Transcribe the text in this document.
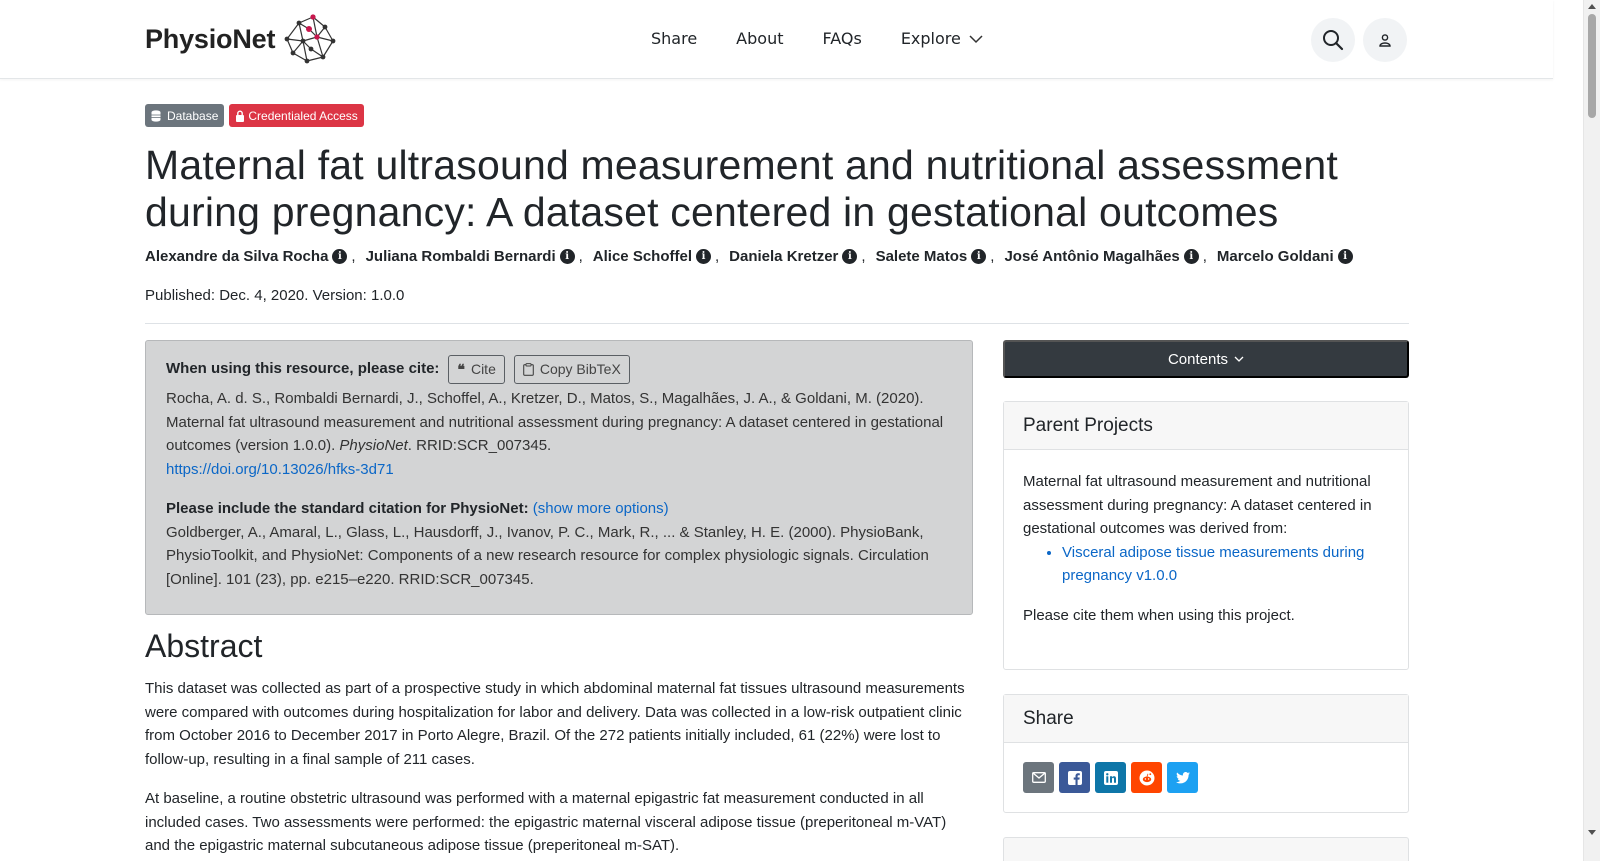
PhysioNet	Share About FAQs Explore
Database	Credentialed Access
Maternal fat ultrasound measurement and nutritional assessment during pregnancy: A dataset centered in gestational outcomes
Alexandre da Silva Rocha i , Juliana Rombaldi Bernardi i , Alice Schoffel i , Daniela Kretzer i , Salete Matos i , José Antônio Magalhães i , Marcelo Goldani i
Published: Dec. 4, 2020. Version: 1.0.0
When using this resource, please cite: ❝ Cite	Copy BibTeX
Rocha, A. d. S., Rombaldi Bernardi, J., Schoffel, A., Kretzer, D., Matos, S., Magalhães, J. A., & Goldani, M. (2020). Maternal fat ultrasound measurement and nutritional assessment during pregnancy: A dataset centered in gestational outcomes (version 1.0.0). PhysioNet. RRID:SCR_007345.
https://doi.org/10.13026/hfks-3d71
Please include the standard citation for PhysioNet: (show more options)
Goldberger, A., Amaral, L., Glass, L., Hausdorff, J., Ivanov, P. C., Mark, R., ... & Stanley, H. E. (2000). PhysioBank, PhysioToolkit, and PhysioNet: Components of a new research resource for complex physiologic signals. Circulation [Online]. 101 (23), pp. e215–e220. RRID:SCR_007345.
Abstract

This dataset was collected as part of a prospective study in which abdominal maternal fat tissues ultrasound measurements were compared with outcomes during hospitalization for labor and delivery. Data was collected in a low-risk outpatient clinic from October 2016 to December 2017 in Porto Alegre, Brazil. Of the 272 patients initially included, 61 (22%) were lost to follow-up, resulting in a final sample of 211 cases.

At baseline, a routine obstetric ultrasound was performed with a maternal epigastric fat measurement conducted in all included cases. Two assessments were performed: the epigastric maternal visceral adipose tissue (preperitoneal m-VAT) and the epigastric maternal subcutaneous adipose tissue (preperitoneal m-SAT).

Contents
Parent Projects
Maternal fat ultrasound measurement and nutritional assessment during pregnancy: A dataset centered in gestational outcomes was derived from:
• Visceral adipose tissue measurements during pregnancy v1.0.0
Please cite them when using this project.
Share
